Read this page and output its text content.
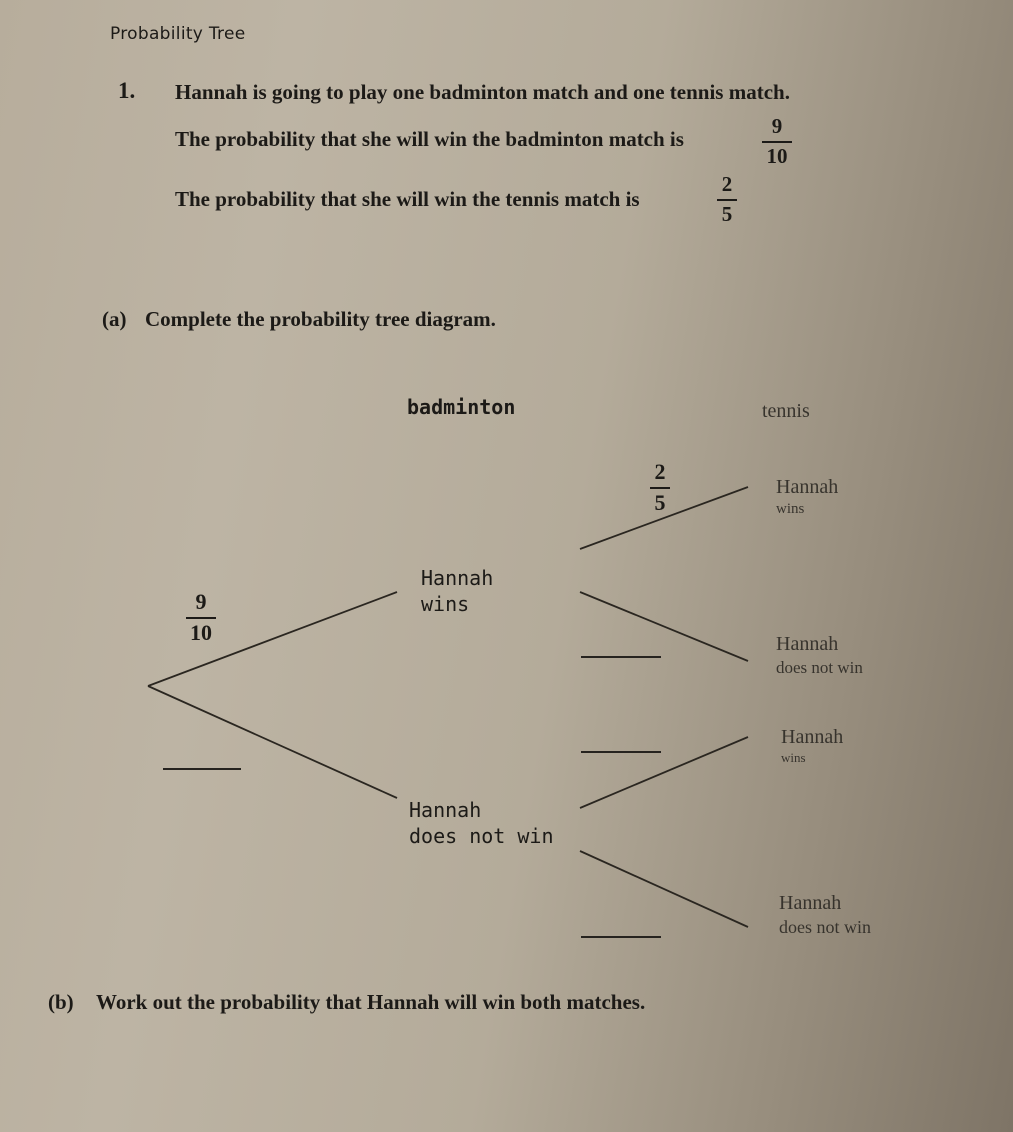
Probability Tree
1. Hannah is going to play one badminton match and one tennis match.
The probability that she will win the badminton match is
9
10
The probability that she will win the tennis match is
2
5
(a) Complete the probability tree diagram.
badminton	tennis
9
10
2
5
Hannah
wins
Hannah
does not win
Hannah
wins
Hannah
does not win
Hannah
wins
Hannah
does not win
(b) Work out the probability that Hannah will win both matches.
